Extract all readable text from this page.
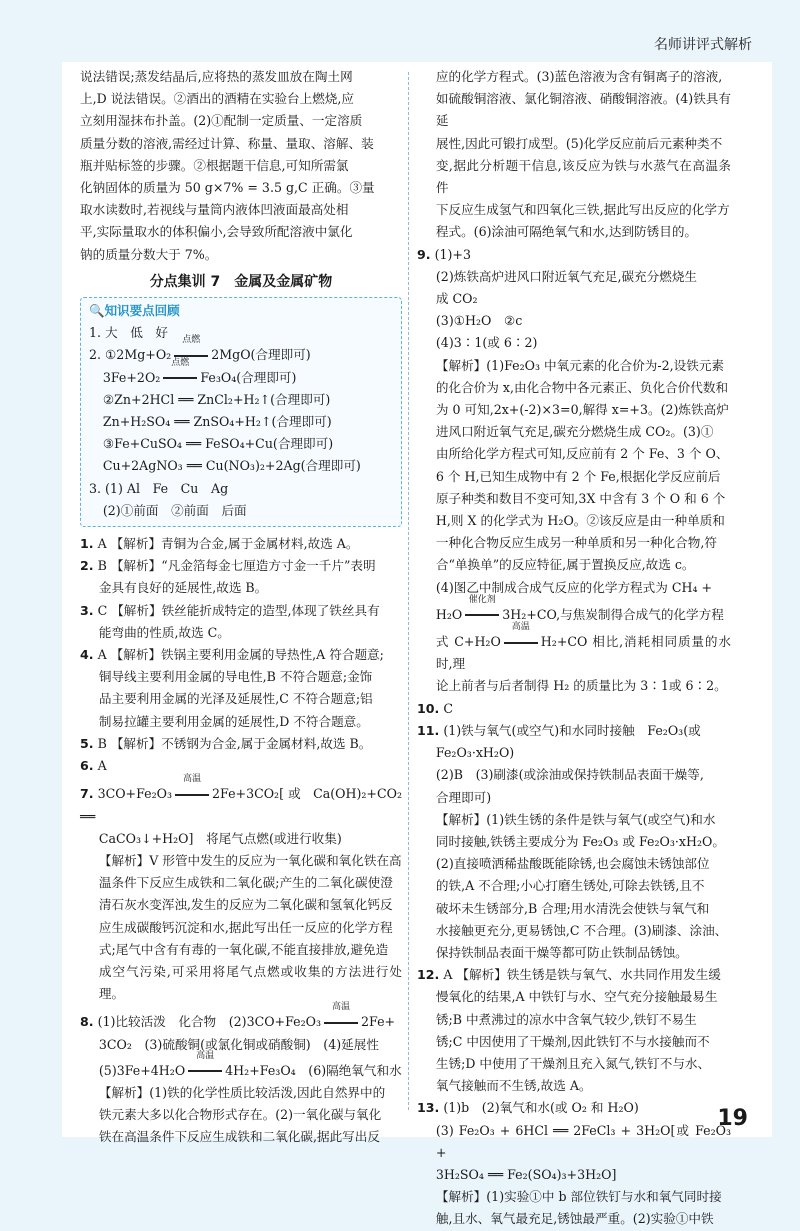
名师讲评式解析

说法错误;蒸发结晶后,应将热的蒸发皿放在陶土网

上,D 说法错误。②酒出的酒精在实验台上燃烧,应

立刻用湿抹布扑盖。(2)①配制一定质量、一定溶质

质量分数的溶液,需经过计算、称量、量取、溶解、装

瓶并贴标签的步骤。②根据题干信息,可知所需氯

化钠固体的质量为 50 g×7% = 3.5 g,C 正确。③量

取水读数时,若视线与量筒内液体凹液面最高处相

平,实际量取水的体积偏小,会导致所配溶液中氯化

钠的质量分数大于 7%。

分点集训 7　金属及金属矿物
🔍知识要点回顾

1. 大　低　好

2. ①2Mg+O₂
点燃
2MgO(合理即可)

3Fe+2O₂
点燃
Fe₃O₄(合理即可)

②Zn+2HCl ══ ZnCl₂+H₂↑(合理即可)

Zn+H₂SO₄ ══ ZnSO₄+H₂↑(合理即可)

③Fe+CuSO₄ ══ FeSO₄+Cu(合理即可)

Cu+2AgNO₃ ══ Cu(NO₃)₂+2Ag(合理即可)

3. (1) Al　Fe　Cu　Ag

(2)①前面　②前面　后面

1. A 【解析】青铜为合金,属于金属材料,故选 A。

2. B 【解析】“凡金箔每金七厘造方寸金一千片”表明

金具有良好的延展性,故选 B。

3. C 【解析】铁丝能折成特定的造型,体现了铁丝具有

能弯曲的性质,故选 C。

4. A 【解析】铁锅主要利用金属的导热性,A 符合题意;

铜导线主要利用金属的导电性,B 不符合题意;金饰

品主要利用金属的光泽及延展性,C 不符合题意;铝

制易拉罐主要利用金属的延展性,D 不符合题意。

5. B 【解析】不锈钢为合金,属于金属材料,故选 B。

6. A

7. 3CO+Fe₂O₃
高温
2Fe+3CO₂[或 Ca(OH)₂+CO₂ ══

CaCO₃↓+H₂O]　将尾气点燃(或进行收集)

【解析】V 形管中发生的反应为一氧化碳和氧化铁在高

温条件下反应生成铁和二氧化碳;产生的二氧化碳使澄

清石灰水变浑浊,发生的反应为二氧化碳和氢氧化钙反

应生成碳酸钙沉淀和水,据此写出任一反应的化学方程

式;尾气中含有有毒的一氧化碳,不能直接排放,避免造

成空气污染,可采用将尾气点燃或收集的方法进行处理。

8. (1)比较活泼　化合物　(2)3CO+Fe₂O₃
高温
2Fe+

3CO₂　(3)硫酸铜(或氯化铜或硝酸铜)　(4)延展性

(5)3Fe+4H₂O
高温
4H₂+Fe₃O₄　(6)隔绝氧气和水

【解析】(1)铁的化学性质比较活泼,因此自然界中的

铁元素大多以化合物形式存在。(2)一氧化碳与氧化

铁在高温条件下反应生成铁和二氧化碳,据此写出反

应的化学方程式。(3)蓝色溶液为含有铜离子的溶液,

如硫酸铜溶液、氯化铜溶液、硝酸铜溶液。(4)铁具有延

展性,因此可锻打成型。(5)化学反应前后元素种类不

变,据此分析题干信息,该反应为铁与水蒸气在高温条件

下反应生成氢气和四氧化三铁,据此写出反应的化学方

程式。(6)涂油可隔绝氧气和水,达到防锈目的。

9. (1)+3

(2)炼铁高炉进风口附近氧气充足,碳充分燃烧生

成 CO₂

(3)①H₂O　②c

(4)3∶1(或 6∶2)

【解析】(1)Fe₂O₃ 中氧元素的化合价为-2,设铁元素

的化合价为 x,由化合物中各元素正、负化合价代数和

为 0 可知,2x+(-2)×3=0,解得 x=+3。(2)炼铁高炉

进风口附近氧气充足,碳充分燃烧生成 CO₂。(3)①

由所给化学方程式可知,反应前有 2 个 Fe、3 个 O、

6 个 H,已知生成物中有 2 个 Fe,根据化学反应前后

原子种类和数目不变可知,3X 中含有 3 个 O 和 6 个

H,则 X 的化学式为 H₂O。②该反应是由一种单质和

一种化合物反应生成另一种单质和另一种化合物,符

合“单换单”的反应特征,属于置换反应,故选 c。

(4)图乙中制成合成气反应的化学方程式为 CH₄ +

H₂O
催化剂
3H₂+CO,与焦炭制得合成气的化学方程

式 C+H₂O
高温
H₂+CO 相比,消耗相同质量的水时,理

论上前者与后者制得 H₂ 的质量比为 3∶1或 6∶2。

10. C

11. (1)铁与氧气(或空气)和水同时接触　Fe₂O₃(或

Fe₂O₃·xH₂O)

(2)B　(3)刷漆(或涂油或保持铁制品表面干燥等,

合理即可)

【解析】(1)铁生锈的条件是铁与氧气(或空气)和水

同时接触,铁锈主要成分为 Fe₂O₃ 或 Fe₂O₃·xH₂O。

(2)直接喷洒稀盐酸既能除锈,也会腐蚀未锈蚀部位

的铁,A 不合理;小心打磨生锈处,可除去铁锈,且不

破坏未生锈部分,B 合理;用水清洗会使铁与氧气和

水接触更充分,更易锈蚀,C 不合理。(3)刷漆、涂油、

保持铁制品表面干燥等都可防止铁制品锈蚀。

12. A 【解析】铁生锈是铁与氧气、水共同作用发生缓

慢氧化的结果,A 中铁钉与水、空气充分接触最易生

锈;B 中煮沸过的凉水中含氧气较少,铁钉不易生

锈;C 中因使用了干燥剂,因此铁钉不与水接触而不

生锈;D 中使用了干燥剂且充入氮气,铁钉不与水、

氧气接触而不生锈,故选 A。

13. (1)b　(2)氧气和水(或 O₂ 和 H₂O)

(3) Fe₂O₃ + 6HCl ══ 2FeCl₃ + 3H₂O[或 Fe₂O₃ +

3H₂SO₄ ══ Fe₂(SO₄)₃+3H₂O]

【解析】(1)实验①中 b 部位铁钉与水和氧气同时接

触,且水、氧气最充足,锈蚀最严重。(2)实验①中铁

19
